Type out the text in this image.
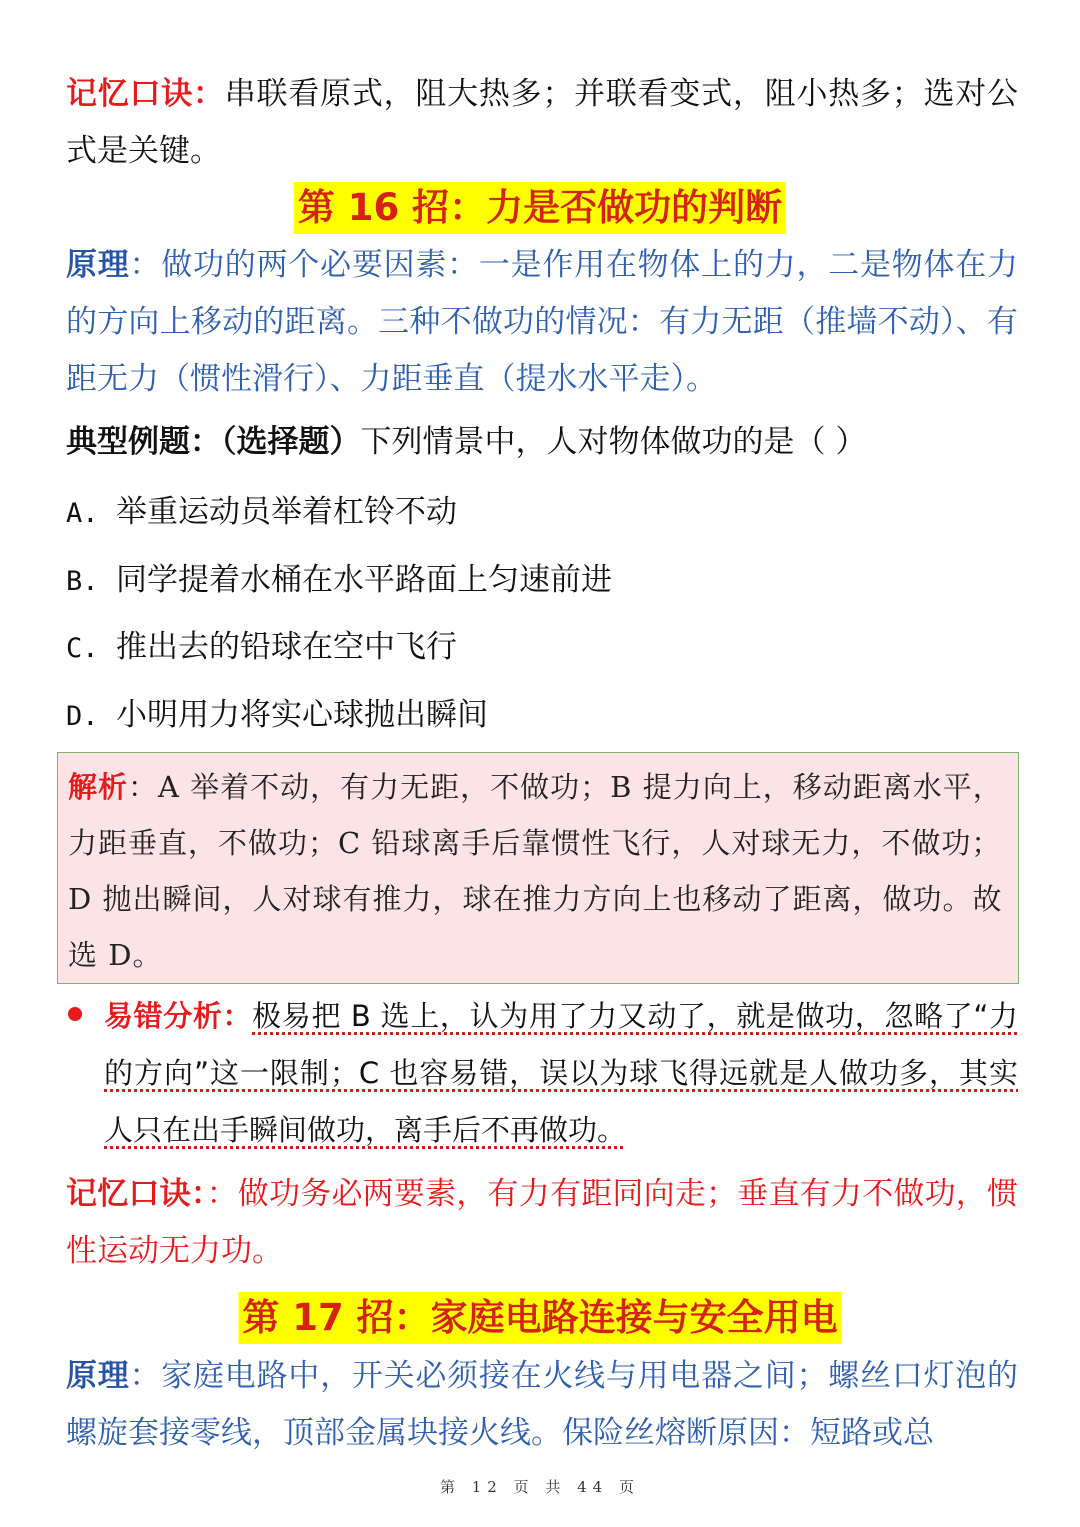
记忆口诀：串联看原式，阻大热多；并联看变式，阻小热多；选对公式是关键。
第 16 招：力是否做功的判断
原理：做功的两个必要因素：一是作用在物体上的力，二是物体在力的方向上移动的距离。三种不做功的情况：有力无距（推墙不动）、有距无力（惯性滑行）、力距垂直（提水水平走）。
典型例题：（选择题）下列情景中，人对物体做功的是（ ）
A. 举重运动员举着杠铃不动
B. 同学提着水桶在水平路面上匀速前进
C. 推出去的铅球在空中飞行
D. 小明用力将实心球抛出瞬间
解析：A 举着不动，有力无距，不做功；B 提力向上，移动距离水平，力距垂直，不做功；C 铅球离手后靠惯性飞行，人对球无力，不做功；D 抛出瞬间，人对球有推力，球在推力方向上也移动了距离，做功。故选 D。
易错分析：极易把 B 选上，认为用了力又动了，就是做功，忽略了“力的方向”这一限制；C 也容易错，误以为球飞得远就是人做功多，其实人只在出手瞬间做功，离手后不再做功。
记忆口诀：：做功务必两要素，有力有距同向走；垂直有力不做功，惯性运动无力功。
第 17 招：家庭电路连接与安全用电
原理：家庭电路中，开关必须接在火线与用电器之间；螺丝口灯泡的螺旋套接零线，顶部金属块接火线。保险丝熔断原因：短路或总
第 12 页 共 44 页
